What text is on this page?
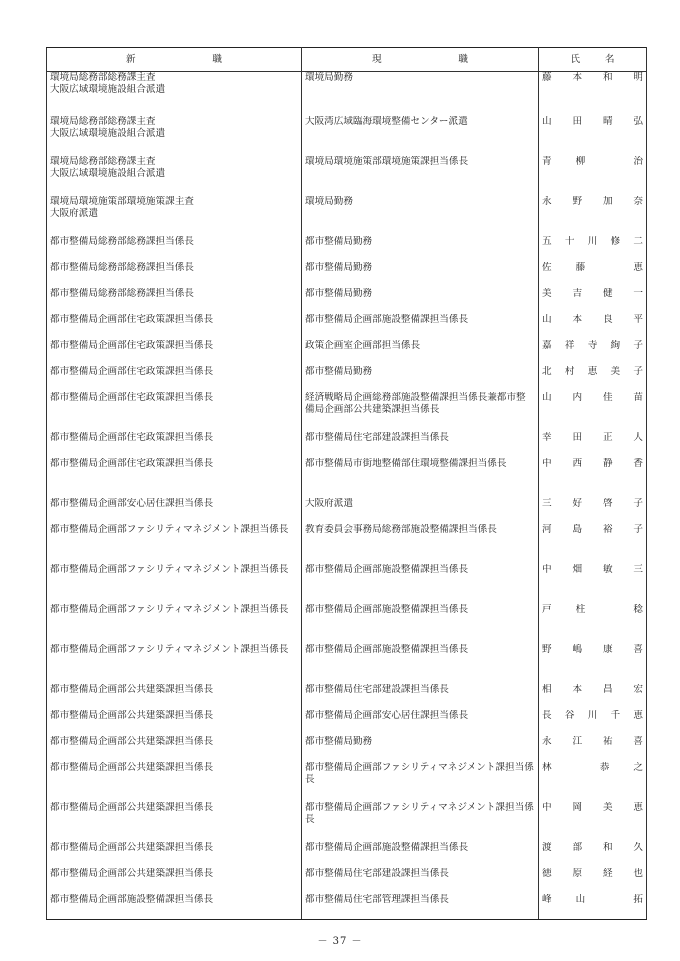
新 職	現 職	氏 名

環境局総務部総務課主査
大阪広域環境施設組合派遣	環境局勤務	藤 本 和 明

環境局総務部総務課主査
大阪広域環境施設組合派遣	大阪湾広域臨海環境整備センター派遣	山 田 晴 弘

環境局総務部総務課主査
大阪広域環境施設組合派遣	環境局環境施策部環境施策課担当係長	青 柳 治

環境局環境施策部環境施策課主査
大阪府派遣	環境局勤務	永 野 加 奈

都市整備局総務部総務課担当係長	都市整備局勤務	五 十 川 修 二

都市整備局総務部総務課担当係長	都市整備局勤務	佐 藤 恵

都市整備局総務部総務課担当係長	都市整備局勤務	美 吉 健 一

都市整備局企画部住宅政策課担当係長	都市整備局企画部施設整備課担当係長	山 本 良 平

都市整備局企画部住宅政策課担当係長	政策企画室企画部担当係長	嘉 祥 寺 絢 子

都市整備局企画部住宅政策課担当係長	都市整備局勤務	北 村 恵 美 子

都市整備局企画部住宅政策課担当係長	経済戦略局企画総務部施設整備課担当係長兼都市整備局企画部公共建築課担当係長	山 内 佳 苗

都市整備局企画部住宅政策課担当係長	都市整備局住宅部建設課担当係長	幸 田 正 人

都市整備局企画部住宅政策課担当係長	都市整備局市街地整備部住環境整備課担当係長	中 西 静 香

都市整備局企画部安心居住課担当係長	大阪府派遣	三 好 啓 子

都市整備局企画部ファシリティマネジメント課担当係長	教育委員会事務局総務部施設整備課担当係長	河 島 裕 子

都市整備局企画部ファシリティマネジメント課担当係長	都市整備局企画部施設整備課担当係長	中 畑 敏 三

都市整備局企画部ファシリティマネジメント課担当係長	都市整備局企画部施設整備課担当係長	戸 柱 稔

都市整備局企画部ファシリティマネジメント課担当係長	都市整備局企画部施設整備課担当係長	野 嶋 康 喜

都市整備局企画部公共建築課担当係長	都市整備局住宅部建設課担当係長	相 本 昌 宏

都市整備局企画部公共建築課担当係長	都市整備局企画部安心居住課担当係長	長 谷 川 千 恵

都市整備局企画部公共建築課担当係長	都市整備局勤務	永 江 祐 喜

都市整備局企画部公共建築課担当係長	都市整備局企画部ファシリティマネジメント課担当係長	林 恭 之

都市整備局企画部公共建築課担当係長	都市整備局企画部ファシリティマネジメント課担当係長	中 岡 美 恵

都市整備局企画部公共建築課担当係長	都市整備局企画部施設整備課担当係長	渡 部 和 久

都市整備局企画部公共建築課担当係長	都市整備局住宅部建設課担当係長	徳 原 経 也

都市整備局企画部施設整備課担当係長	都市整備局住宅部管理課担当係長	峰 山 拓
－ 37 －
